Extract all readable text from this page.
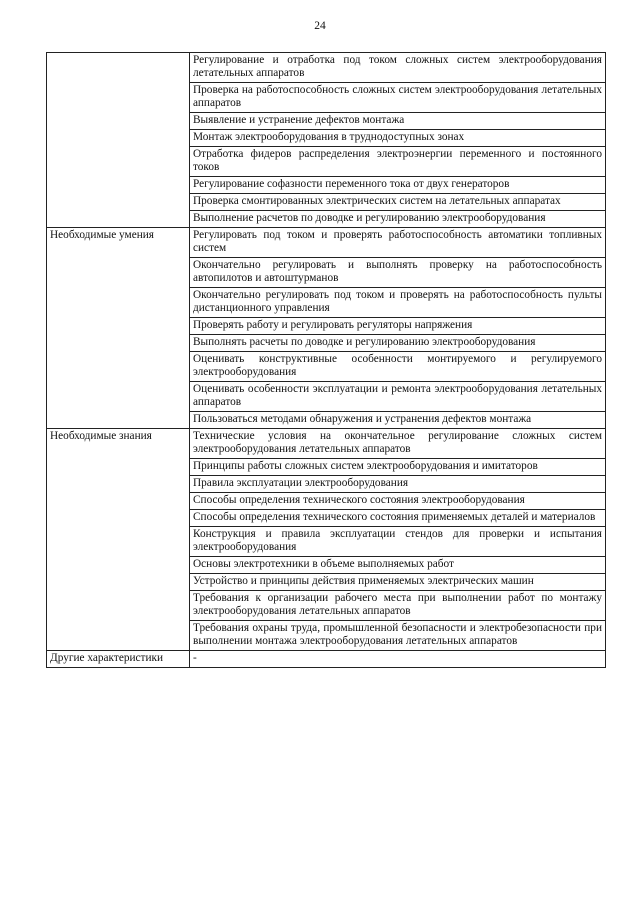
24
	Регулирование и отработка под током сложных систем электрооборудования летательных аппаратов
	Проверка на работоспособность сложных систем электрооборудования летательных аппаратов
	Выявление и устранение дефектов монтажа
	Монтаж электрооборудования в труднодоступных зонах
	Отработка фидеров распределения электроэнергии переменного и постоянного токов
	Регулирование софазности переменного тока от двух генераторов
	Проверка смонтированных электрических систем на летательных аппаратах
	Выполнение расчетов по доводке и регулированию электрооборудования
Необходимые умения	Регулировать под током и проверять работоспособность автоматики топливных систем
	Окончательно регулировать и выполнять проверку на работоспособность автопилотов и автоштурманов
	Окончательно регулировать под током и проверять на работоспособность пульты дистанционного управления
	Проверять работу и регулировать регуляторы напряжения
	Выполнять расчеты по доводке и регулированию электрооборудования
	Оценивать конструктивные особенности монтируемого и регулируемого электрооборудования
	Оценивать особенности эксплуатации и ремонта электрооборудования летательных аппаратов
	Пользоваться методами обнаружения и устранения дефектов монтажа
Необходимые знания	Технические условия на окончательное регулирование сложных систем электрооборудования летательных аппаратов
	Принципы работы сложных систем электрооборудования и имитаторов
	Правила эксплуатации электрооборудования
	Способы определения технического состояния электрооборудования
	Способы определения технического состояния применяемых деталей и материалов
	Конструкция и правила эксплуатации стендов для проверки и испытания электрооборудования
	Основы электротехники в объеме выполняемых работ
	Устройство и принципы действия применяемых электрических машин
	Требования к организации рабочего места при выполнении работ по монтажу электрооборудования летательных аппаратов
	Требования охраны труда, промышленной безопасности и электробезопасности при выполнении монтажа электрооборудования летательных аппаратов
Другие характеристики	-
